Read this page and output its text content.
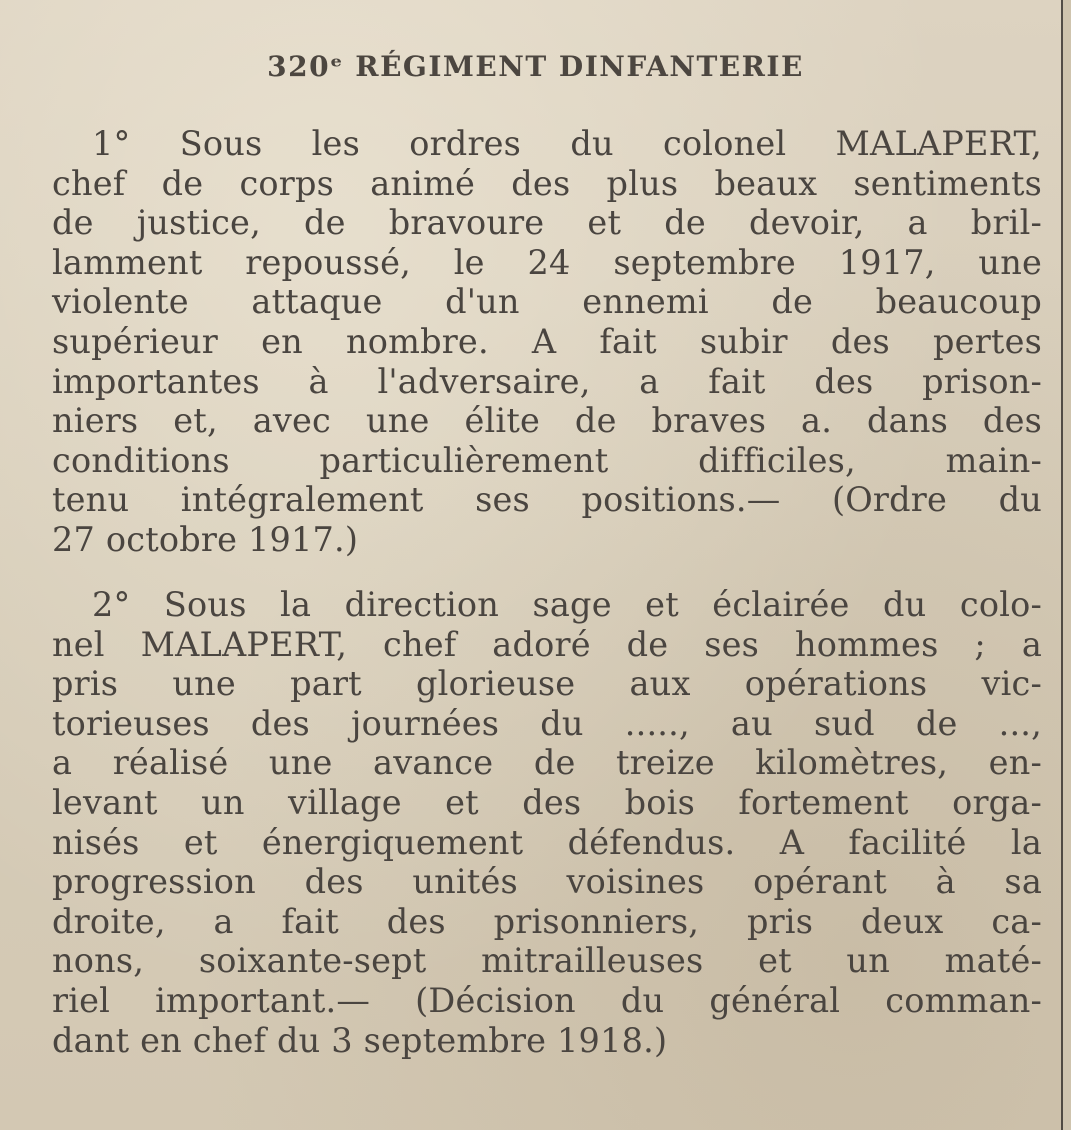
320ᵉ RÉGIMENT DINFANTERIE
1° Sous les ordres du colonel MALAPERT,
chef de corps animé des plus beaux sentiments
de justice, de bravoure et de devoir, a bril-
lamment repoussé, le 24 septembre 1917, une
violente attaque d'un ennemi de beaucoup
supérieur en nombre. A fait subir des pertes
importantes à l'adversaire, a fait des prison-
niers et, avec une élite de braves a. dans des
conditions particulièrement difficiles, main-
tenu intégralement ses positions.— (Ordre du
27 octobre 1917.)
2° Sous la direction sage et éclairée du colo-
nel MALAPERT, chef adoré de ses hommes ; a
pris une part glorieuse aux opérations vic-
torieuses des journées du ....., au sud de ...,
a réalisé une avance de treize kilomètres, en-
levant un village et des bois fortement orga-
nisés et énergiquement défendus. A facilité la
progression des unités voisines opérant à sa
droite, a fait des prisonniers, pris deux ca-
nons, soixante-sept mitrailleuses et un maté-
riel important.— (Décision du général comman-
dant en chef du 3 septembre 1918.)
